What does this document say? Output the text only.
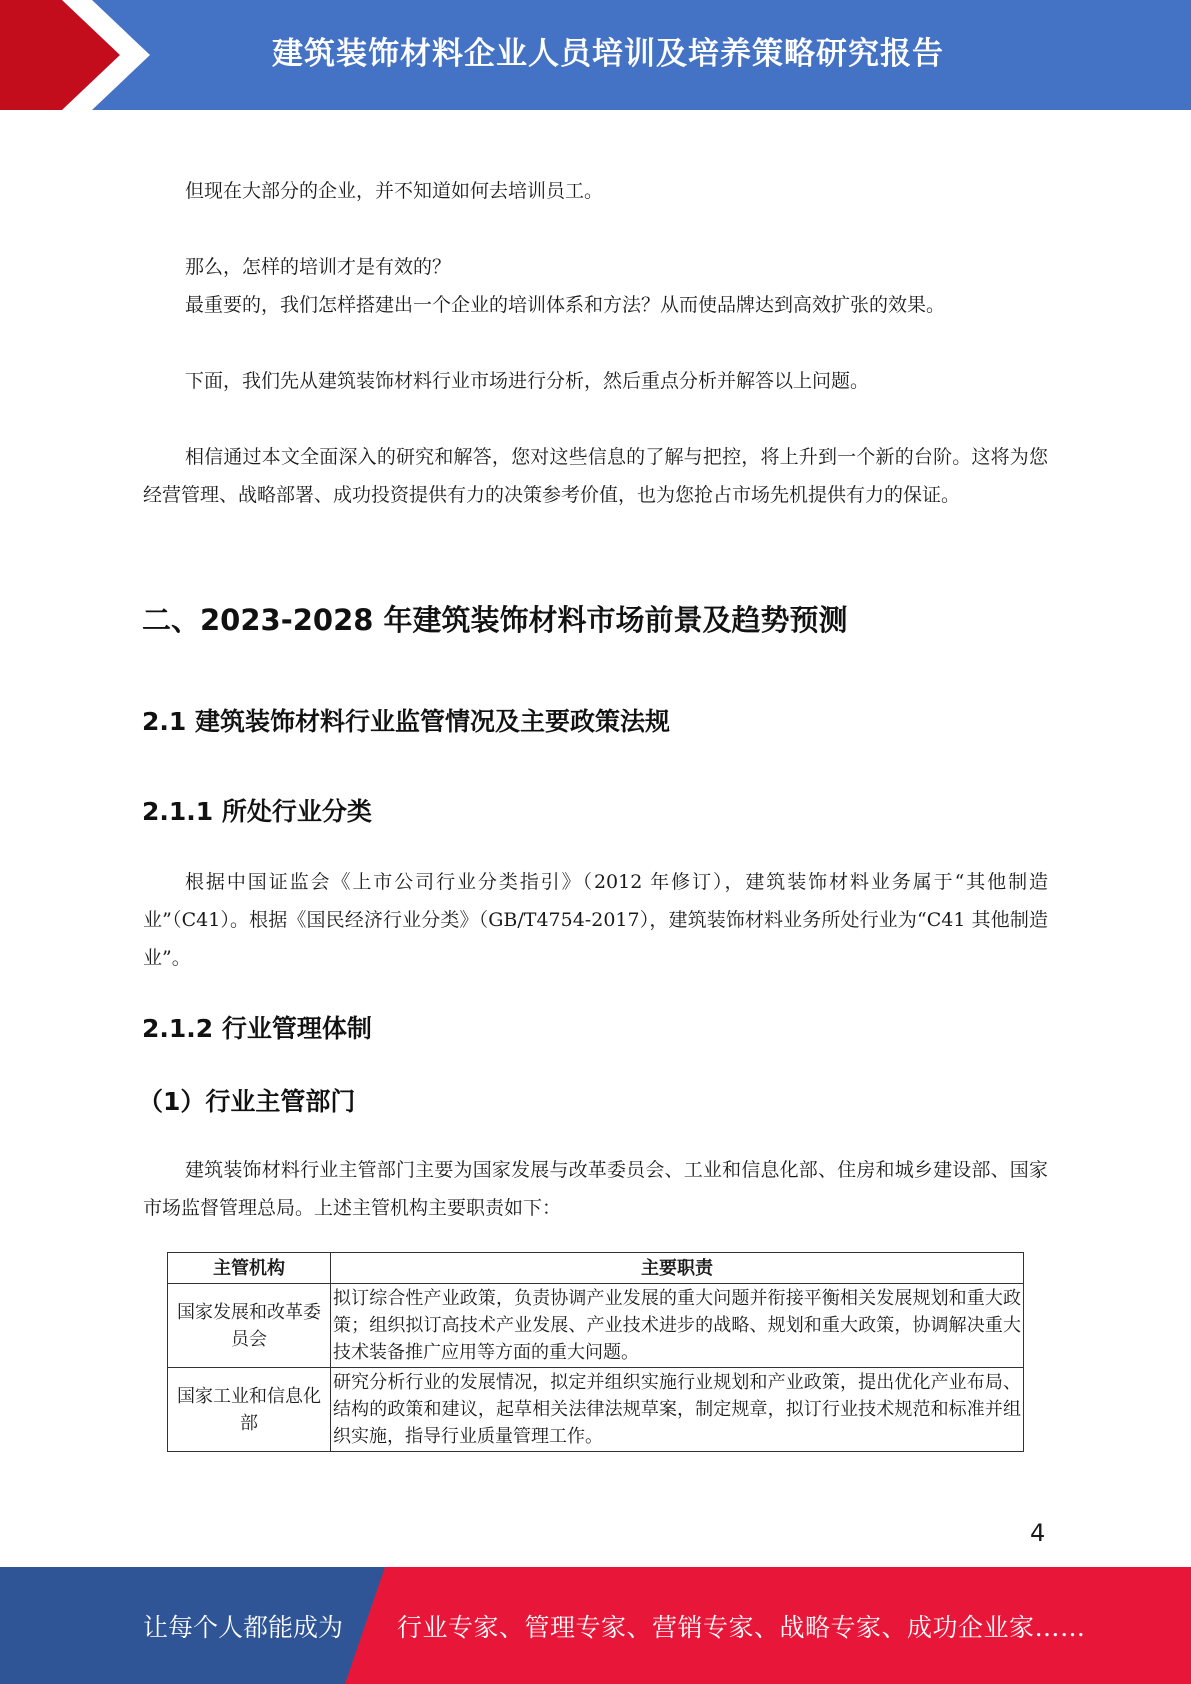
建筑装饰材料企业人员培训及培养策略研究报告

但现在大部分的企业，并不知道如何去培训员工。

那么，怎样的培训才是有效的？

最重要的，我们怎样搭建出一个企业的培训体系和方法？从而使品牌达到高效扩张的效果。

下面，我们先从建筑装饰材料行业市场进行分析，然后重点分析并解答以上问题。

相信通过本文全面深入的研究和解答，您对这些信息的了解与把控，将上升到一个新的台阶。这将为您经营管理、战略部署、成功投资提供有力的决策参考价值，也为您抢占市场先机提供有力的保证。

二、2023-2028 年建筑装饰材料市场前景及趋势预测
2.1 建筑装饰材料行业监管情况及主要政策法规
2.1.1 所处行业分类

根据中国证监会《上市公司行业分类指引》（2012 年修订），建筑装饰材料业务属于“其他制造业”（C41）。根据《国民经济行业分类》（GB/T4754-2017），建筑装饰材料业务所处行业为“C41 其他制造业”。

2.1.2 行业管理体制
（1）行业主管部门

建筑装饰材料行业主管部门主要为国家发展与改革委员会、工业和信息化部、住房和城乡建设部、国家市场监督管理总局。上述主管机构主要职责如下：

主管机构	主要职责
国家发展和改革委员会	拟订综合性产业政策，负责协调产业发展的重大问题并衔接平衡相关发展规划和重大政策；组织拟订高技术产业发展、产业技术进步的战略、规划和重大政策，协调解决重大技术装备推广应用等方面的重大问题。
国家工业和信息化部	研究分析行业的发展情况，拟定并组织实施行业规划和产业政策，提出优化产业布局、结构的政策和建议，起草相关法律法规草案，制定规章，拟订行业技术规范和标准并组织实施，指导行业质量管理工作。
4
让每个人都能成为 行业专家、管理专家、营销专家、战略专家、成功企业家……
